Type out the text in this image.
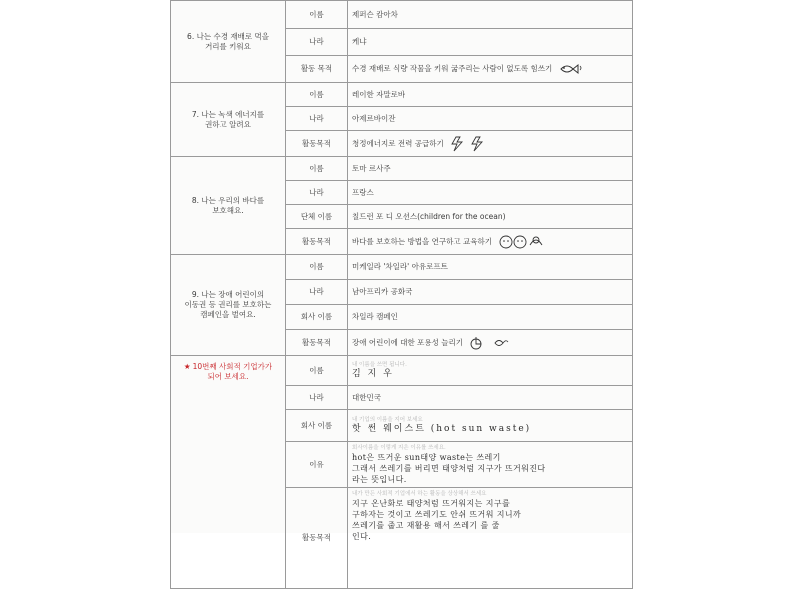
6. 나는 수경 재배로 먹을
거리를 키워요	이름	제퍼슨 캄아차
	나라	케냐
	활동 목적	수경 재배로 식량 작물을 키워 굶주리는 사람이 없도록 힘쓰기
7. 나는 녹색 에너지를
권하고 알려요	이름	레이한 자말로바
	나라	아제르바이잔
	활동목적	청정에너지로 전력 공급하기
8. 나는 우리의 바다를
보호해요.	이름	토마 르사주
	나라	프랑스
	단체 이름	칠드런 포 디 오션스(children for the ocean)
	활동목적	바다를 보호하는 방법을 연구하고 교육하기
9. 나는 장애 어린이의
이동권 등 권리를 보호하는
캠페인을 벌여요.	이름	미케일라 '차일라' 아유로프트
	나라	남아프리카 공화국
	회사 이름	차일라 캠페인
	활동목적	장애 어린이에 대한 포용성 늘리기
★ 10번째 사회적 기업가가
되어 보세요.	이름	내 이름을 쓰면 됩니다.
김 지 우

	나라	대한민국
	회사 이름	내 기업의 이름을 지어 보세요
핫 썬 웨이스트 (hot sun waste)

	이유	회사이름을 이렇게 지은 이유를 쓰세요.
hot은 뜨거운 sun태양 waste는 쓰레기
그래서 쓰레기를 버리면 태양처럼 지구가 뜨거워진다
라는 뜻입니다.

	활동목적	내가 만든 사회적 기업에서 하는 활동을 상상해서 쓰세요
지구 온난화로 태양처럼 뜨거워지는 지구를
구하자는 것이고 쓰레기도 안쉬 뜨거워 지니까
쓰레기를 줍고 재활용 해서 쓰레기 를 줄
인다.
